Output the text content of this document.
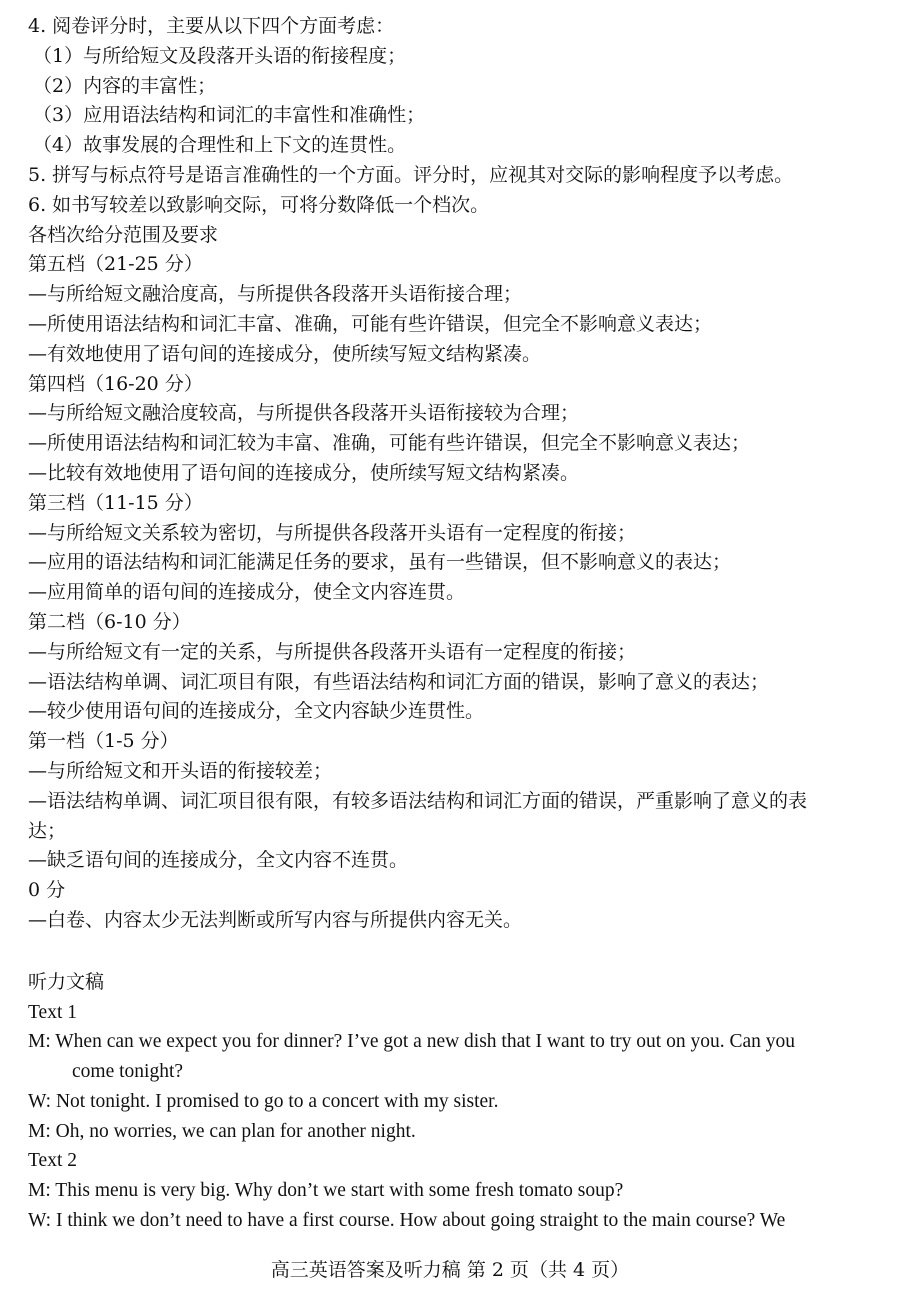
4. 阅卷评分时，主要从以下四个方面考虑：
（1）与所给短文及段落开头语的衔接程度；
（2）内容的丰富性；
（3）应用语法结构和词汇的丰富性和准确性；
（4）故事发展的合理性和上下文的连贯性。
5. 拼写与标点符号是语言准确性的一个方面。评分时，应视其对交际的影响程度予以考虑。
6. 如书写较差以致影响交际，可将分数降低一个档次。
各档次给分范围及要求
第五档（21-25 分）
—与所给短文融洽度高，与所提供各段落开头语衔接合理；
—所使用语法结构和词汇丰富、准确，可能有些许错误，但完全不影响意义表达；
—有效地使用了语句间的连接成分，使所续写短文结构紧凑。
第四档（16-20 分）
—与所给短文融洽度较高，与所提供各段落开头语衔接较为合理；
—所使用语法结构和词汇较为丰富、准确，可能有些许错误，但完全不影响意义表达；
—比较有效地使用了语句间的连接成分，使所续写短文结构紧凑。
第三档（11-15 分）
—与所给短文关系较为密切，与所提供各段落开头语有一定程度的衔接；
—应用的语法结构和词汇能满足任务的要求，虽有一些错误，但不影响意义的表达；
—应用简单的语句间的连接成分，使全文内容连贯。
第二档（6-10 分）
—与所给短文有一定的关系，与所提供各段落开头语有一定程度的衔接；
—语法结构单调、词汇项目有限，有些语法结构和词汇方面的错误，影响了意义的表达；
—较少使用语句间的连接成分，全文内容缺少连贯性。
第一档（1-5 分）
—与所给短文和开头语的衔接较差；
—语法结构单调、词汇项目很有限，有较多语法结构和词汇方面的错误，严重影响了意义的表
达；
—缺乏语句间的连接成分，全文内容不连贯。
0 分
—白卷、内容太少无法判断或所写内容与所提供内容无关。
听力文稿
Text 1
M: When can we expect you for dinner? I’ve got a new dish that I want to try out on you. Can you
come tonight?
W: Not tonight. I promised to go to a concert with my sister.
M: Oh, no worries, we can plan for another night.
Text 2
M: This menu is very big. Why don’t we start with some fresh tomato soup?
W: I think we don’t need to have a first course. How about going straight to the main course? We
高三英语答案及听力稿 第 2 页（共 4 页）
